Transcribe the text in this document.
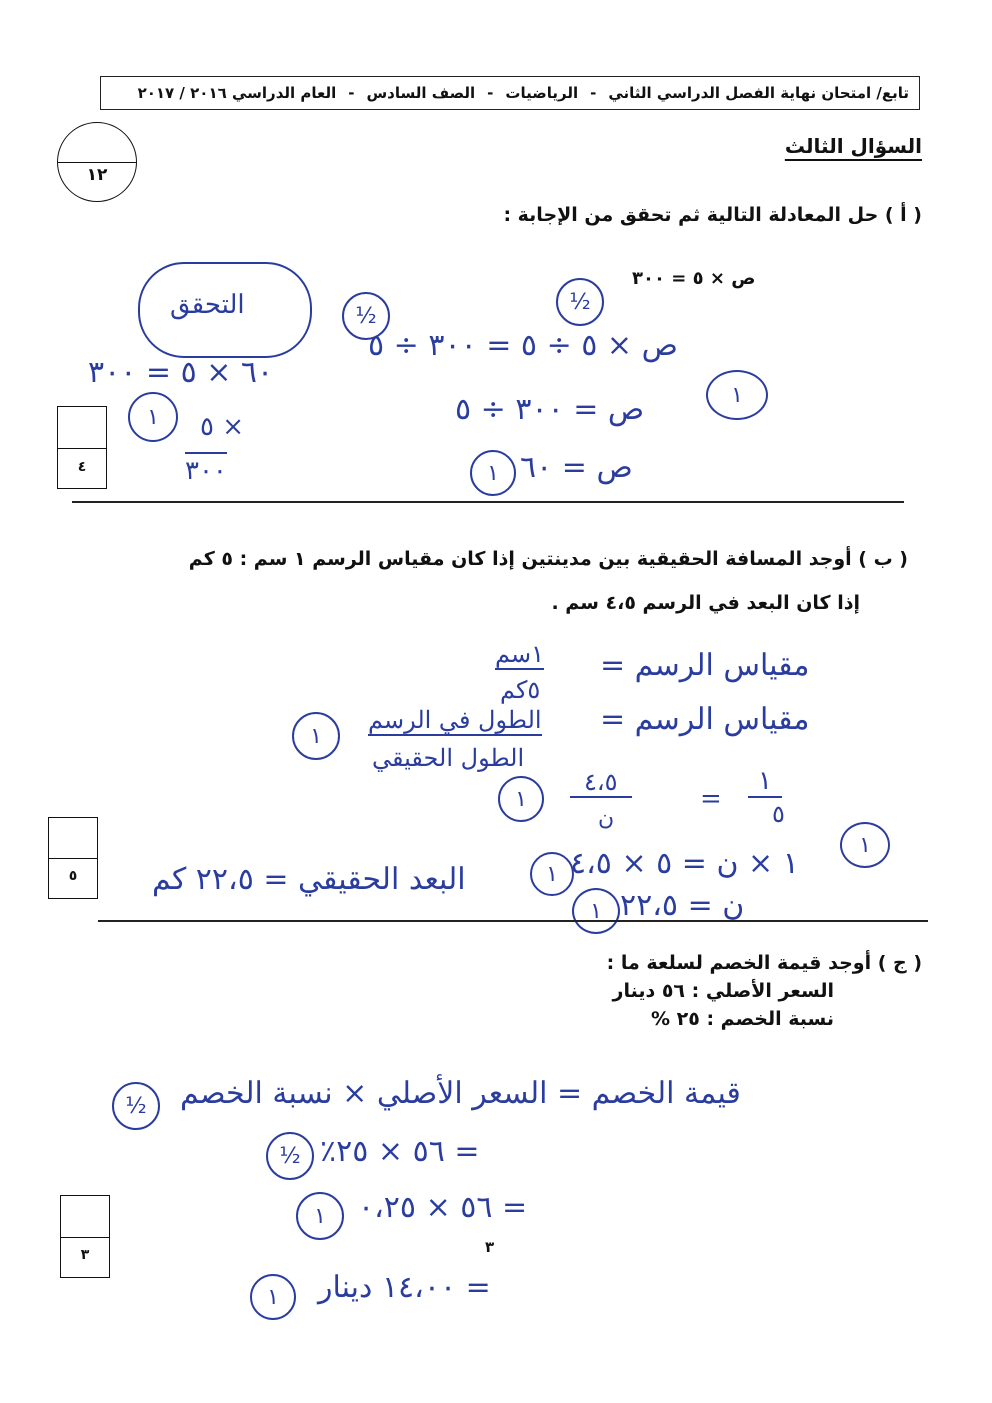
تابع/ امتحان نهاية الفصل الدراسي الثاني
-
الرياضيات
-
الصف السادس
-
العام الدراسي ٢٠١٦ / ٢٠١٧
السؤال الثالث
١٢
( أ ) حل المعادلة التالية ثم تحقق من الإجابة :
ص × ٥ = ٣٠٠
التحقق
ص × ٥ ÷ ٥ = ٣٠٠ ÷ ٥
ص = ٣٠٠ ÷ ٥
ص = ٦٠
٦٠ × ٥ = ٣٠٠
× ٥
٣٠٠
½
½
١
١
١
٤
( ب ) أوجد المسافة الحقيقية بين مدينتين إذا كان مقياس الرسم ١ سم : ٥ كم
إذا كان البعد في الرسم ٤،٥ سم .
مقياس الرسم =
١سم
٥كم
مقياس الرسم =
الطول في الرسم
الطول الحقيقي
١
٥
=
٤،٥
ن
١ × ن = ٥ × ٤،٥
البعد الحقيقي = ٢٢،٥ كم
ن = ٢٢،٥
١
١
١
١
١
٥
( ج ) أوجد قيمة الخصم لسلعة ما :
السعر الأصلي : ٥٦ دينار
نسبة الخصم : ٢٥ %
قيمة الخصم = السعر الأصلي × نسبة الخصم
= ٥٦ × ٢٥٪
= ٥٦ × ٠،٢٥
= ١٤،٠٠ دينار
½
½
١
١
٣	٣
